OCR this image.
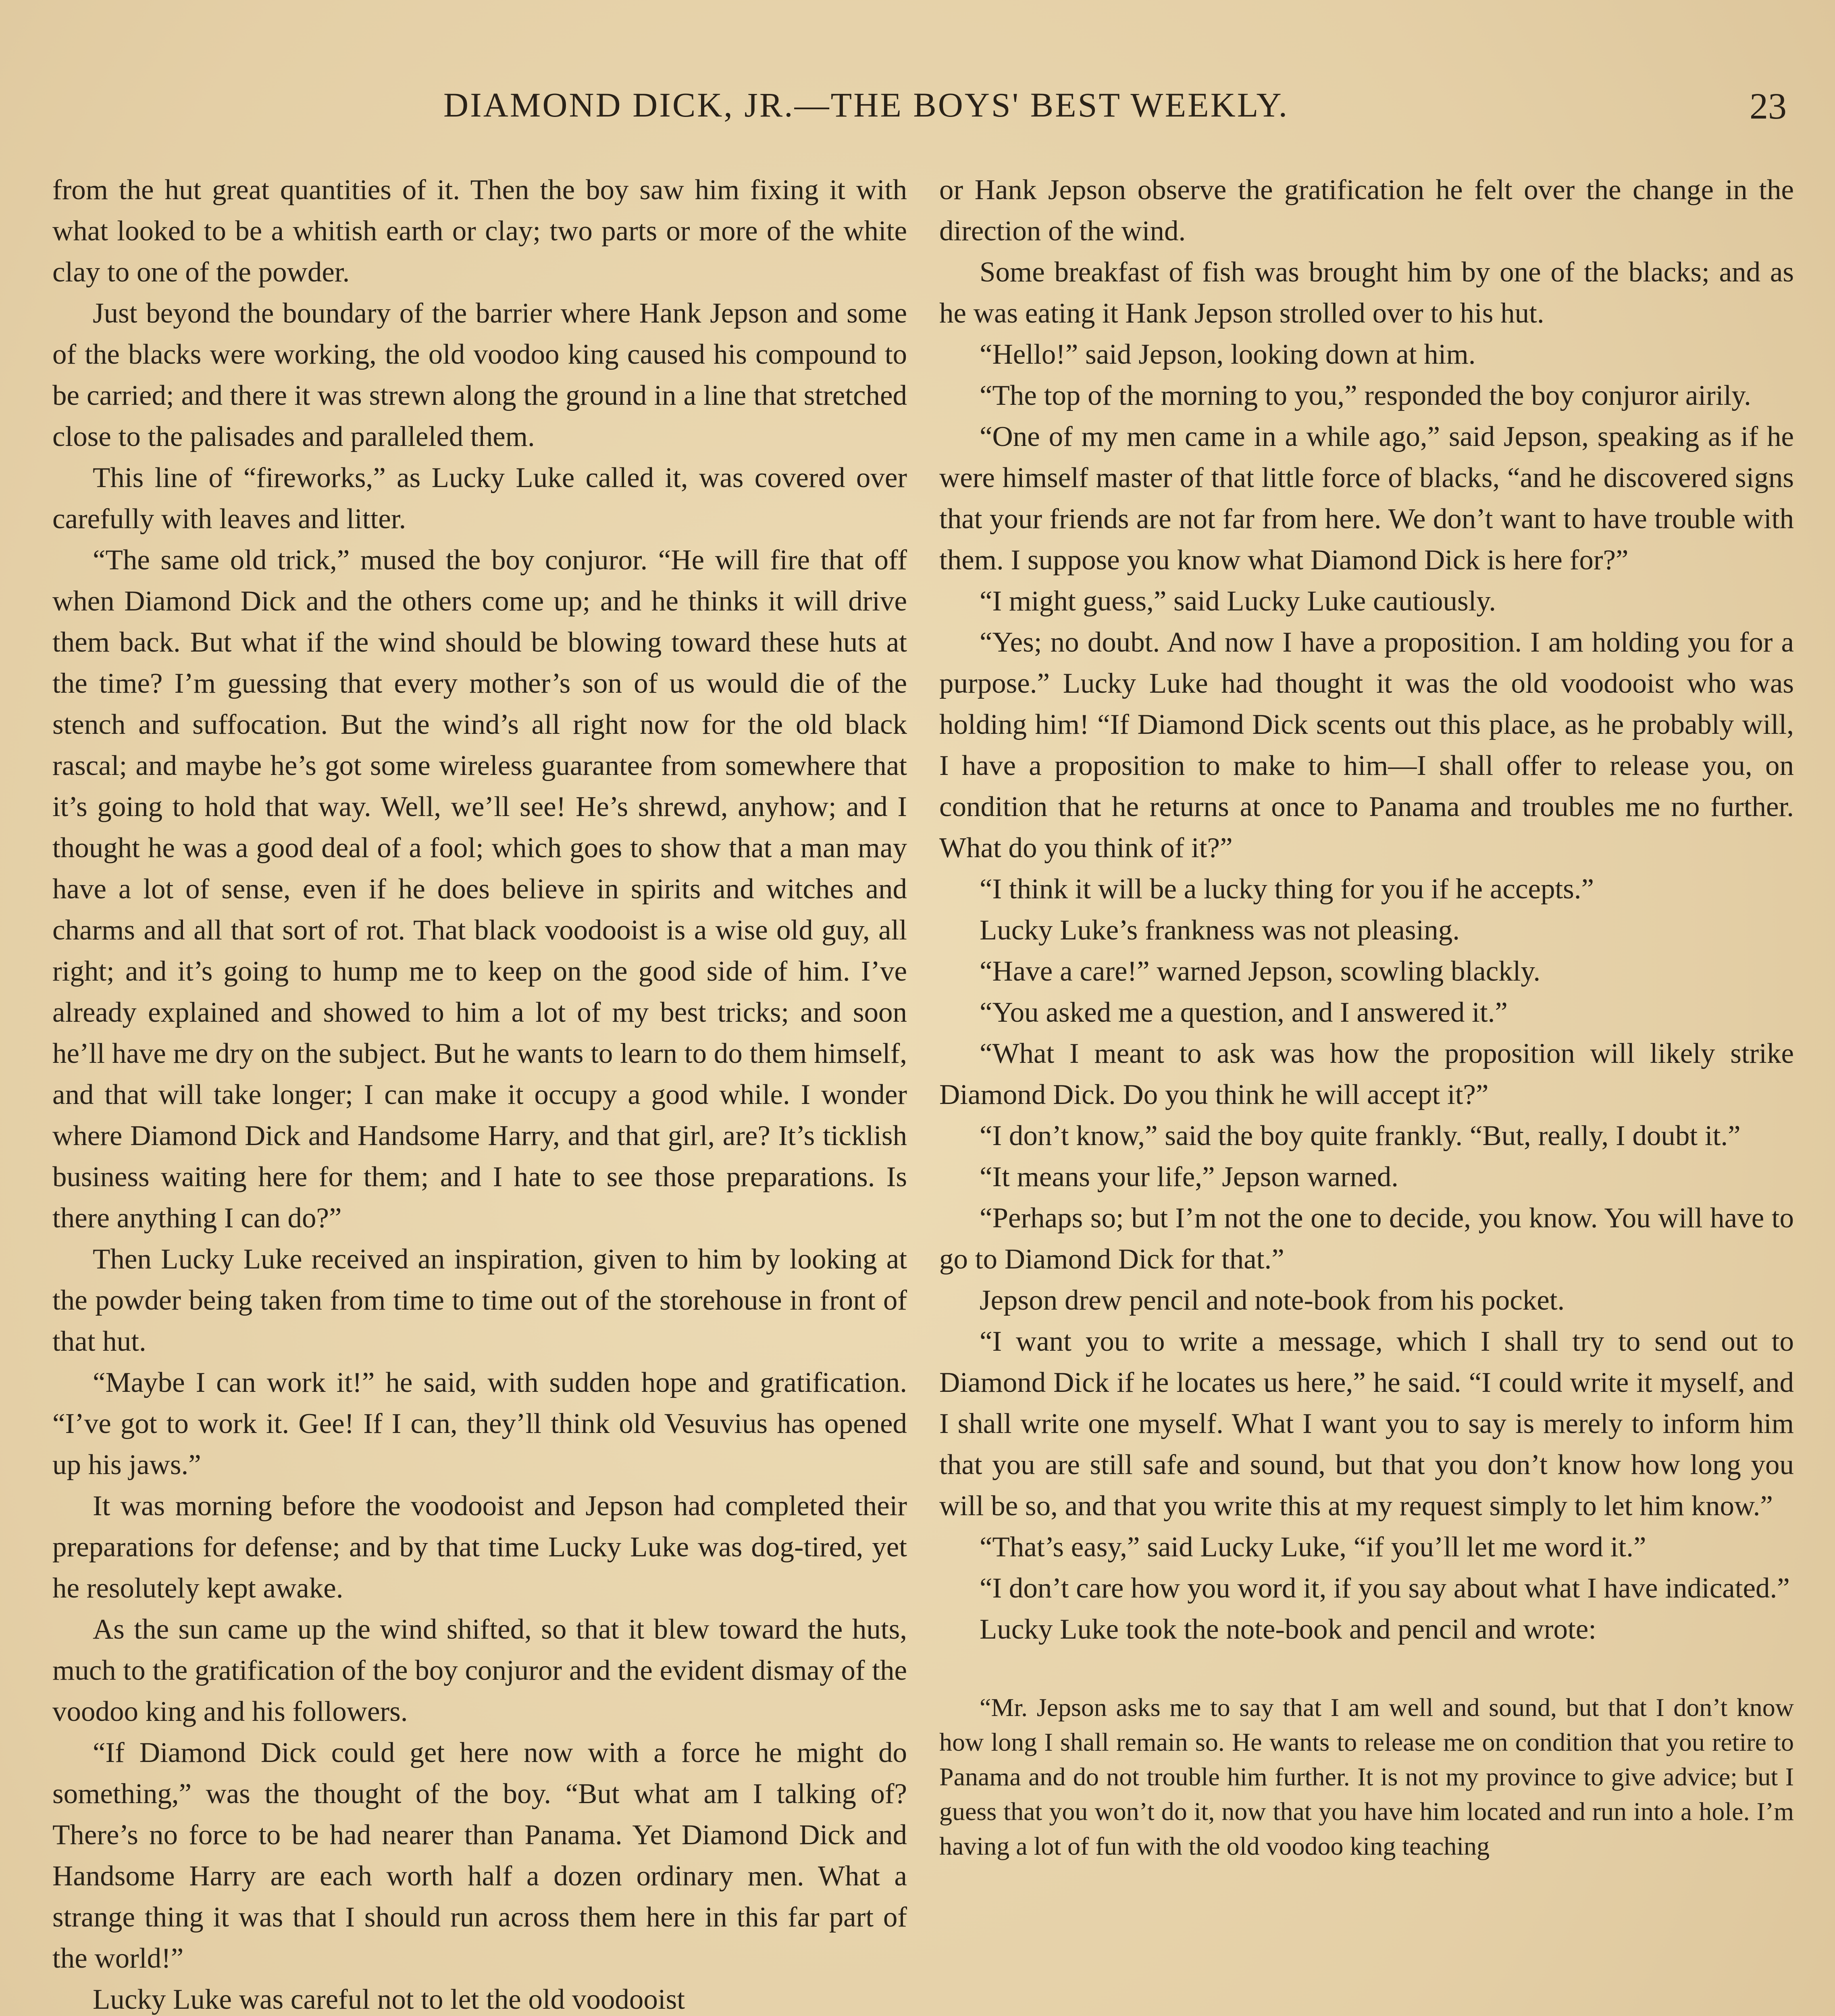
DIAMOND DICK, JR.—THE BOYS' BEST WEEKLY.	23

from the hut great quantities of it. Then the boy saw him fixing it with what looked to be a whitish earth or clay; two parts or more of the white clay to one of the powder.

Just beyond the boundary of the barrier where Hank Jepson and some of the blacks were working, the old voodoo king caused his compound to be carried; and there it was strewn along the ground in a line that stretched close to the palisades and paralleled them.

This line of “fireworks,” as Lucky Luke called it, was covered over carefully with leaves and litter.

“The same old trick,” mused the boy conjuror. “He will fire that off when Diamond Dick and the others come up; and he thinks it will drive them back. But what if the wind should be blowing toward these huts at the time? I’m guessing that every mother’s son of us would die of the stench and suffocation. But the wind’s all right now for the old black rascal; and maybe he’s got some wireless guarantee from somewhere that it’s going to hold that way. Well, we’ll see! He’s shrewd, anyhow; and I thought he was a good deal of a fool; which goes to show that a man may have a lot of sense, even if he does believe in spirits and witches and charms and all that sort of rot. That black voodooist is a wise old guy, all right; and it’s going to hump me to keep on the good side of him. I’ve already explained and showed to him a lot of my best tricks; and soon he’ll have me dry on the subject. But he wants to learn to do them himself, and that will take longer; I can make it occupy a good while. I wonder where Diamond Dick and Handsome Harry, and that girl, are? It’s ticklish business waiting here for them; and I hate to see those preparations. Is there anything I can do?”

Then Lucky Luke received an inspiration, given to him by looking at the powder being taken from time to time out of the storehouse in front of that hut.

“Maybe I can work it!” he said, with sudden hope and gratification. “I’ve got to work it. Gee! If I can, they’ll think old Vesuvius has opened up his jaws.”

It was morning before the voodooist and Jepson had completed their preparations for defense; and by that time Lucky Luke was dog-tired, yet he resolutely kept awake.

As the sun came up the wind shifted, so that it blew toward the huts, much to the gratification of the boy conjuror and the evident dismay of the voodoo king and his followers.

“If Diamond Dick could get here now with a force he might do something,” was the thought of the boy. “But what am I talking of? There’s no force to be had nearer than Panama. Yet Diamond Dick and Handsome Harry are each worth half a dozen ordinary men. What a strange thing it was that I should run across them here in this far part of the world!”

Lucky Luke was careful not to let the old voodooist

or Hank Jepson observe the gratification he felt over the change in the direction of the wind.

Some breakfast of fish was brought him by one of the blacks; and as he was eating it Hank Jepson strolled over to his hut.

“Hello!” said Jepson, looking down at him.

“The top of the morning to you,” responded the boy conjuror airily.

“One of my men came in a while ago,” said Jepson, speaking as if he were himself master of that little force of blacks, “and he discovered signs that your friends are not far from here. We don’t want to have trouble with them. I suppose you know what Diamond Dick is here for?”

“I might guess,” said Lucky Luke cautiously.

“Yes; no doubt. And now I have a proposition. I am holding you for a purpose.” Lucky Luke had thought it was the old voodooist who was holding him! “If Diamond Dick scents out this place, as he probably will, I have a proposition to make to him—I shall offer to release you, on condition that he returns at once to Panama and troubles me no further. What do you think of it?”

“I think it will be a lucky thing for you if he accepts.”

Lucky Luke’s frankness was not pleasing.

“Have a care!” warned Jepson, scowling blackly.

“You asked me a question, and I answered it.”

“What I meant to ask was how the proposition will likely strike Diamond Dick. Do you think he will accept it?”

“I don’t know,” said the boy quite frankly. “But, really, I doubt it.”

“It means your life,” Jepson warned.

“Perhaps so; but I’m not the one to decide, you know. You will have to go to Diamond Dick for that.”

Jepson drew pencil and note-book from his pocket.

“I want you to write a message, which I shall try to send out to Diamond Dick if he locates us here,” he said. “I could write it myself, and I shall write one myself. What I want you to say is merely to inform him that you are still safe and sound, but that you don’t know how long you will be so, and that you write this at my request simply to let him know.”

“That’s easy,” said Lucky Luke, “if you’ll let me word it.”

“I don’t care how you word it, if you say about what I have indicated.”

Lucky Luke took the note-book and pencil and wrote:

“Mr. Jepson asks me to say that I am well and sound, but that I don’t know how long I shall remain so. He wants to release me on condition that you retire to Panama and do not trouble him further. It is not my province to give advice; but I guess that you won’t do it, now that you have him located and run into a hole. I’m having a lot of fun with the old voodoo king teaching
